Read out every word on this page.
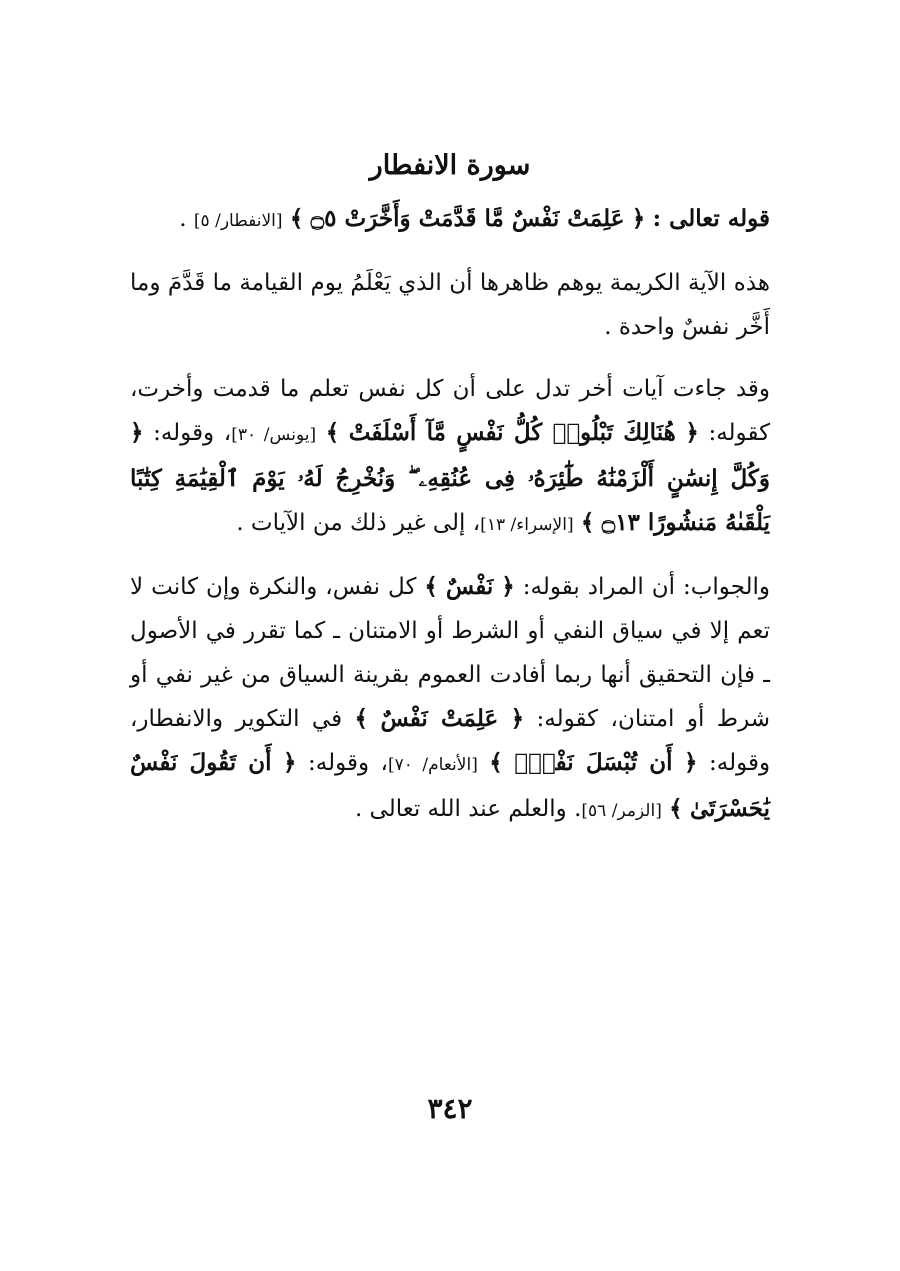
سورة الانفطار

قوله تعالى : ﴿ عَلِمَتْ نَفْسٌ مَّا قَدَّمَتْ وَأَخَّرَتْ ۝٥ ﴾ [الانفطار/ ٥] .

هذه الآية الكريمة يوهم ظاهرها أن الذي يَعْلَمُ يوم القيامة ما قَدَّمَ وما أَخَّر نفسٌ واحدة .

وقد جاءت آيات أخر تدل على أن كل نفس تعلم ما قدمت وأخرت، كقوله: ﴿ هُنَالِكَ تَبْلُوا۟ كُلُّ نَفْسٍ مَّآ أَسْلَفَتْ ﴾ [يونس/ ٣٠]، وقوله: ﴿ وَكُلَّ إِنسَٰنٍ أَلْزَمْنَٰهُ طَٰٓئِرَهُۥ فِى عُنُقِهِۦ ۖ وَنُخْرِجُ لَهُۥ يَوْمَ ٱلْقِيَٰمَةِ كِتَٰبًا يَلْقَىٰهُ مَنشُورًا ۝١٣ ﴾ [الإسراء/ ١٣]، إلى غير ذلك من الآيات .

والجواب: أن المراد بقوله: ﴿ نَفْسٌ ﴾ كل نفس، والنكرة وإن كانت لا تعم إلا في سياق النفي أو الشرط أو الامتنان ـ كما تقرر في الأصول ـ فإن التحقيق أنها ربما أفادت العموم بقرينة السياق من غير نفي أو شرط أو امتنان، كقوله: ﴿ عَلِمَتْ نَفْسٌ ﴾ في التكوير والانفطار، وقوله: ﴿ أَن تُبْسَلَ نَفْسٌۢ ﴾ [الأنعام/ ٧٠]، وقوله: ﴿ أَن تَقُولَ نَفْسٌ يَٰحَسْرَتَىٰ ﴾ [الزمر/ ٥٦]. والعلم عند الله تعالى .

٣٤٢
